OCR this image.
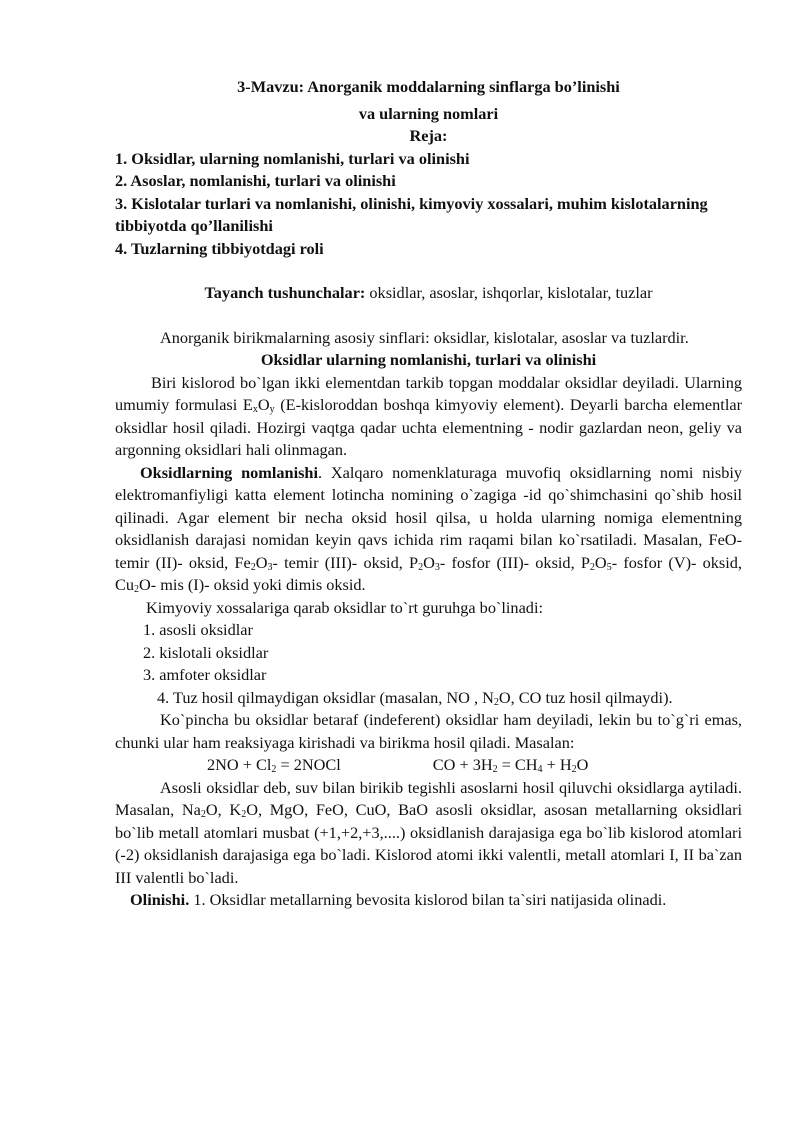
3-Mavzu: Anorganik moddalarning sinflarga bo’linishi

va ularning nomlari

Reja:

1. Oksidlar, ularning nomlanishi, turlari va olinishi

2. Asoslar, nomlanishi, turlari va olinishi

3. Kislotalar turlari va nomlanishi, olinishi, kimyoviy xossalari, muhim kislotalarning tibbiyotda qo’llanilishi

4. Tuzlarning tibbiyotdagi roli

Tayanch tushunchalar: oksidlar, asoslar, ishqorlar, kislotalar, tuzlar

Anorganik birikmalarning asosiy sinflari: oksidlar, kislotalar, asoslar va tuzlardir.

Oksidlar ularning nomlanishi, turlari va olinishi

Biri kislorod bo`lgan ikki elementdan tarkib topgan moddalar oksidlar deyiladi. Ularning umumiy formulasi $E_xO_y$ (E-kisloroddan boshqa kimyoviy element). Deyarli barcha elementlar oksidlar hosil qiladi. Hozirgi vaqtga qadar uchta elementning - nodir gazlardan neon, geliy va argonning oksidlari hali olinmagan.

Oksidlarning nomlanishi. Xalqaro nomenklaturaga muvofiq oksidlarning nomi nisbiy elektromanfiyligi katta element lotincha nomining o`zagiga -id qo`shimchasini qo`shib hosil qilinadi. Agar element bir necha oksid hosil qilsa, u holda ularning nomiga elementning oksidlanish darajasi nomidan keyin qavs ichida rim raqami bilan ko`rsatiladi. Masalan, FeO- temir (II)- oksid, $Fe_2O_3-$ temir (III)- oksid, $P_2O_3-$ fosfor (III)- oksid, $P_2O_5-$ fosfor (V)- oksid, $Cu_2O-$ mis (I)- oksid yoki dimis oksid.

Kimyoviy xossalariga qarab oksidlar to`rt guruhga bo`linadi:

1. asosli oksidlar

2. kislotali oksidlar

3. amfoter oksidlar

4. Tuz hosil qilmaydigan oksidlar (masalan, NO , $N_2O$, CO tuz hosil qilmaydi).

Ko`pincha bu oksidlar betaraf (indeferent) oksidlar ham deyiladi, lekin bu to`g`ri emas, chunki ular ham reaksiyaga kirishadi va birikma hosil qiladi. Masalan:

$2NO + Cl_2$ = 2NOCl	CO + $3H_2 = CH_4 + H_2O$

Asosli oksidlar deb, suv bilan birikib tegishli asoslarni hosil qiluvchi oksidlarga aytiladi. Masalan, $Na_2O$, $K_2O$, MgO, FeO, CuO, BaO asosli oksidlar, asosan metallarning oksidlari bo`lib metall atomlari musbat (+1,+2,+3,....) oksidlanish darajasiga ega bo`lib kislorod atomlari (-2) oksidlanish darajasiga ega bo`ladi. Kislorod atomi ikki valentli, metall atomlari I, II ba`zan III valentli bo`ladi.

Olinishi. 1. Oksidlar metallarning bevosita kislorod bilan ta`siri natijasida olinadi.
